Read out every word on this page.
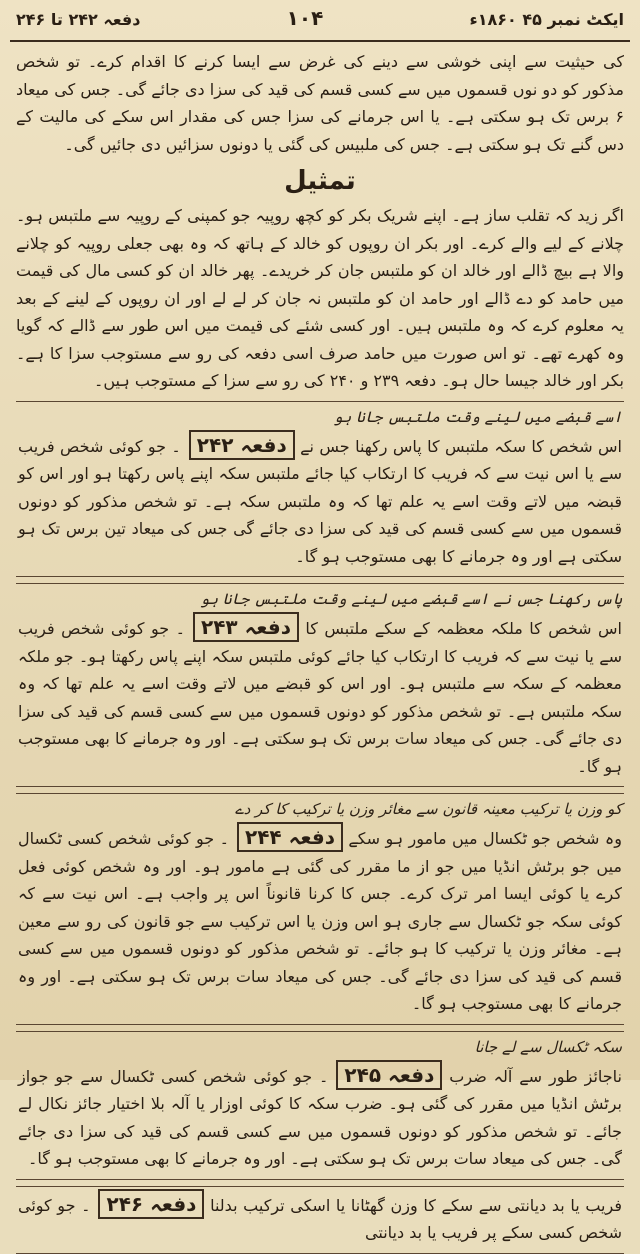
دفعہ ۲۴۲ تا ۲۴۶	۱۰۴	ایکٹ نمبر ۴۵ ۱۸۶۰ء

کی حیثیت سے اپنی خوشی سے دینے کی غرض سے ایسا کرنے کا اقدام کرے۔ تو شخص مذکور کو دو نوں قسموں میں سے کسی قسم کی قید کی سزا دی جائے گی۔ جس کی میعاد ۶ برس تک ہو سکتی ہے۔ یا اس جرمانے کی سزا جس کی مقدار اس سکے کی مالیت کے دس گنے تک ہو سکتی ہے۔ جس کی ملبیس کی گئی یا دونوں سزائیں دی جائیں گی۔

تمثیل

اگر زید کہ تقلب ساز ہے۔ اپنے شریک بکر کو کچھ روپیہ جو کمپنی کے روپیہ سے ملتبس ہو۔ چلانے کے لیے والے کرے۔ اور بکر ان روپوں کو خالد کے ہاتھ کہ وہ بھی جعلی روپیہ کو چلانے والا ہے بیچ ڈالے اور خالد ان کو ملتبس جان کر خریدے۔ پھر خالد ان کو کسی مال کی قیمت میں حامد کو دے ڈالے اور حامد ان کو ملتبس نہ جان کر لے لے اور ان روپوں کے لینے کے بعد یہ معلوم کرے کہ وہ ملتبس ہیں۔ اور کسی شئے کی قیمت میں اس طور سے ڈالے کہ گویا وہ کھرے تھے۔ تو اس صورت میں حامد صرف اسی دفعہ کی رو سے مستوجب سزا کا ہے۔ بکر اور خالد جیسا حال ہو۔ دفعہ ۲۳۹ و ۲۴۰ کی رو سے سزا کے مستوجب ہیں۔

اسے قبضے میں لینے وقت ملتبس جانا ہو

اس شخص کا سکہ ملتبس کا پاس رکھنا جس نے دفعہ ۲۴۲۔ جو کوئی شخص فریب سے یا اس نیت سے کہ فریب کا ارتکاب کیا جائے ملتبس سکہ اپنے پاس رکھتا ہو اور اس کو قبضہ میں لاتے وقت اسے یہ علم تھا کہ وہ ملتبس سکہ ہے۔ تو شخص مذکور کو دونوں قسموں میں سے کسی قسم کی قید کی سزا دی جائے گی جس کی میعاد تین برس تک ہو سکتی ہے اور وہ جرمانے کا بھی مستوجب ہو گا۔

پاس رکھنا جس نے اسے قبضے میں لینے وقت ملتبس جانا ہو

اس شخص کا ملکہ معظمہ کے سکے ملتبس کا دفعہ ۲۴۳۔ جو کوئی شخص فریب سے یا نیت سے کہ فریب کا ارتکاب کیا جائے کوئی ملتبس سکہ اپنے پاس رکھتا ہو۔ جو ملکہ معظمہ کے سکہ سے ملتبس ہو۔ اور اس کو قبضے میں لاتے وقت اسے یہ علم تھا کہ وہ سکہ ملتبس ہے۔ تو شخص مذکور کو دونوں قسموں میں سے کسی قسم کی قید کی سزا دی جائے گی۔ جس کی میعاد سات برس تک ہو سکتی ہے۔ اور وہ جرمانے کا بھی مستوجب ہو گا۔

کو وزن یا ترکیب معینہ قانون سے مغائر وزن یا ترکیب کا کر دے

وہ شخص جو ٹکسال میں مامور ہو سکے دفعہ ۲۴۴۔ جو کوئی شخص کسی ٹکسال میں جو برٹش انڈیا میں جو از ما مقرر کی گئی ہے مامور ہو۔ اور وہ شخص کوئی فعل کرے یا کوئی ایسا امر ترک کرے۔ جس کا کرنا قانوناً اس پر واجب ہے۔ اس نیت سے کہ کوئی سکہ جو ٹکسال سے جاری ہو اس وزن یا اس ترکیب سے جو قانون کی رو سے معین ہے۔ مغائر وزن یا ترکیب کا ہو جائے۔ تو شخص مذکور کو دونوں قسموں میں سے کسی قسم کی قید کی سزا دی جائے گی۔ جس کی میعاد سات برس تک ہو سکتی ہے۔ اور وہ جرمانے کا بھی مستوجب ہو گا۔

سکہ ٹکسال سے لے جانا

ناجائز طور سے آلہ ضرب دفعہ ۲۴۵۔ جو کوئی شخص کسی ٹکسال سے جو جواز برٹش انڈیا میں مقرر کی گئی ہو۔ ضرب سکہ کا کوئی اوزار یا آلہ بلا اختیار جائز نکال لے جائے۔ تو شخص مذکور کو دونوں قسموں میں سے کسی قسم کی قید کی سزا دی جائے گی۔ جس کی میعاد سات برس تک ہو سکتی ہے۔ اور وہ جرمانے کا بھی مستوجب ہو گا۔

فریب یا بد دیانتی سے سکے کا وزن گھٹانا یا اسکی ترکیب بدلنا دفعہ ۲۴۶۔ جو کوئی شخص کسی سکے پر فریب یا بد دیانتی
